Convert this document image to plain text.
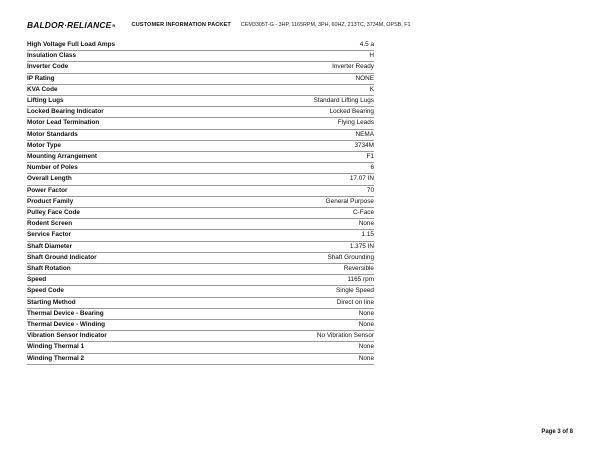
BALDOR·RELIANCE R	CUSTOMER INFORMATION PACKET CEM3305T-G - 3HP, 1165RPM, 3PH, 60HZ, 213TC, 3734M, OPSB, F1
High Voltage Full Load Amps	4.5 a
Insulation Class	H
Inverter Code	Inverter Ready
IP Rating	NONE
KVA Code	K
Lifting Lugs	Standard Lifting Lugs
Locked Bearing Indicator	Locked Bearing
Motor Lead Termination	Flying Leads
Motor Standards	NEMA
Motor Type	3734M
Mounting Arrangement	F1
Number of Poles	6
Overall Length	17.07 IN
Power Factor	70
Product Family	General Purpose
Pulley Face Code	C-Face
Rodent Screen	None
Service Factor	1.15
Shaft Diameter	1.375 IN
Shaft Ground Indicator	Shaft Grounding
Shaft Rotation	Reversible
Speed	1165 rpm
Speed Code	Single Speed
Starting Method	Direct on line
Thermal Device - Bearing	None
Thermal Device - Winding	None
Vibration Sensor Indicator	No Vibration Sensor
Winding Thermal 1	None
Winding Thermal 2	None
Page 3 of 8
